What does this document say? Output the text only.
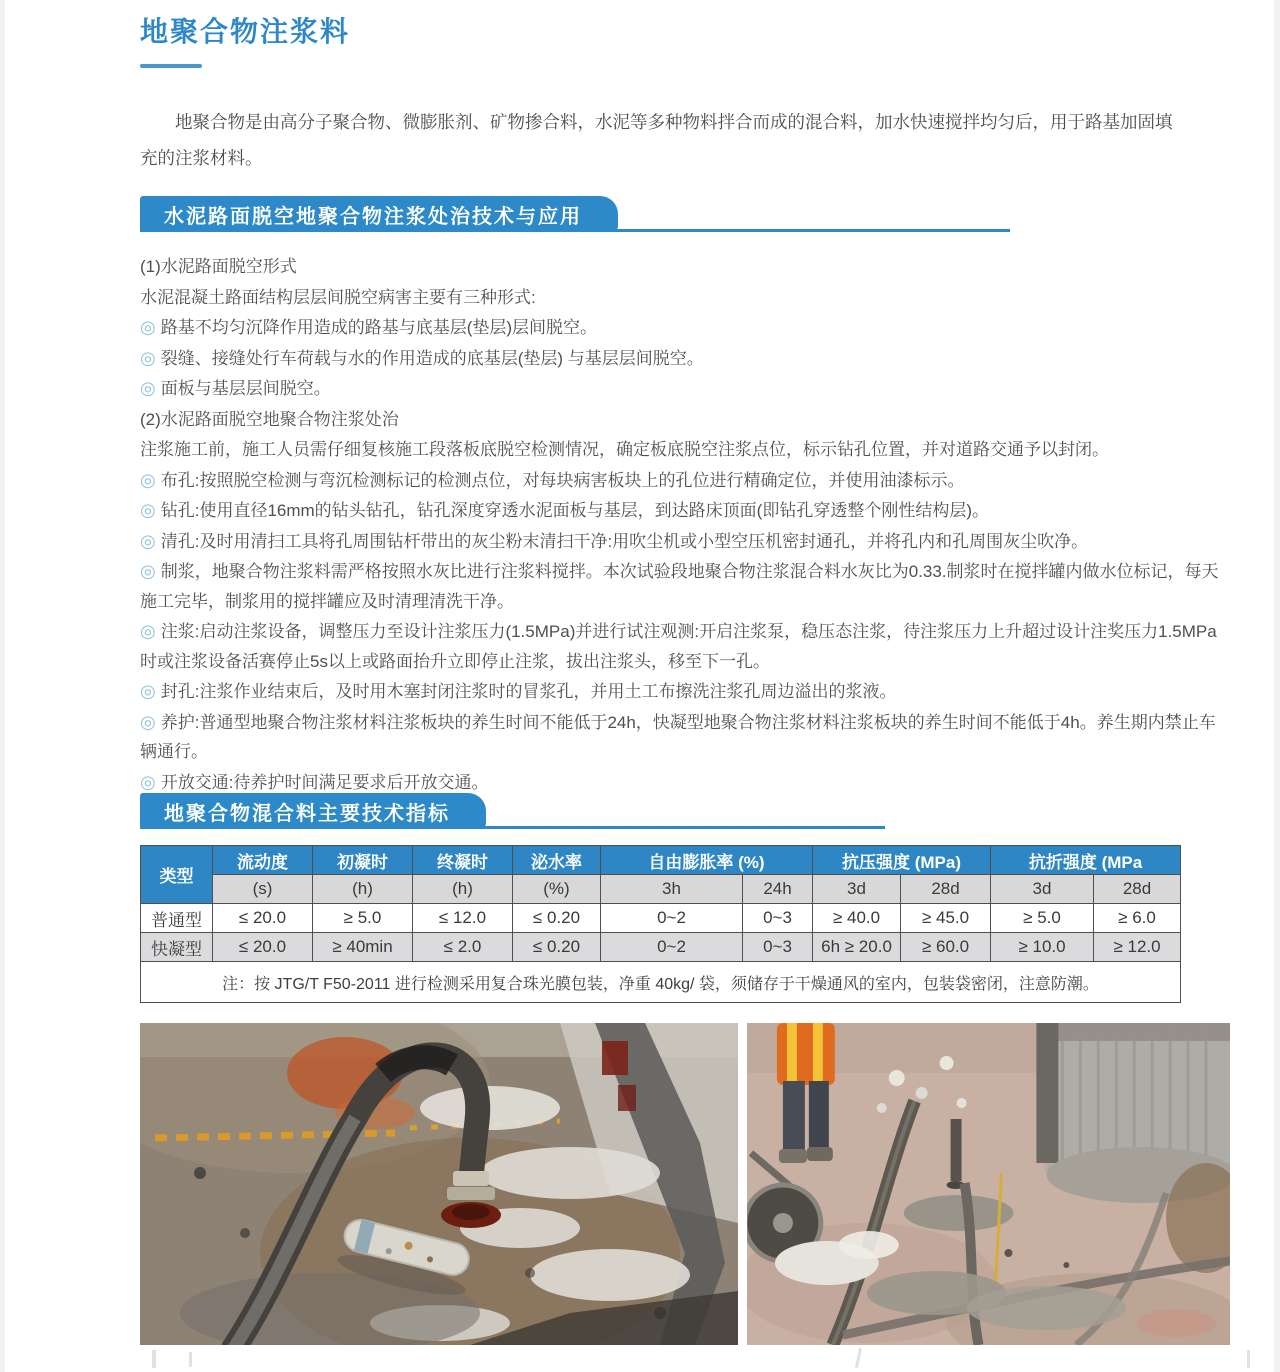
地聚合物注浆料
地聚合物是由高分子聚合物、微膨胀剂、矿物掺合料，水泥等多种物料拌合而成的混合料，加水快速搅拌均匀后，用于路基加固填充的注浆材料。
水泥路面脱空地聚合物注浆处治技术与应用

(1)水泥路面脱空形式

水泥混凝土路面结构层层间脱空病害主要有三种形式:

◎ 路基不均匀沉降作用造成的路基与底基层(垫层)层间脱空。

◎ 裂缝、接缝处行车荷载与水的作用造成的底基层(垫层) 与基层层间脱空。

◎ 面板与基层层间脱空。

(2)水泥路面脱空地聚合物注浆处治

注浆施工前，施工人员需仔细复核施工段落板底脱空检测情况，确定板底脱空注浆点位，标示钻孔位置，并对道路交通予以封闭。

◎ 布孔:按照脱空检测与弯沉检测标记的检测点位，对每块病害板块上的孔位进行精确定位，并使用油漆标示。

◎ 钻孔:使用直径16mm的钻头钻孔，钻孔深度穿透水泥面板与基层，到达路床顶面(即钻孔穿透整个刚性结构层)。

◎ 清孔:及时用清扫工具将孔周围钻杆带出的灰尘粉末清扫干净:用吹尘机或小型空压机密封通孔，并将孔内和孔周围灰尘吹净。

◎ 制浆，地聚合物注浆料需严格按照水灰比进行注浆料搅拌。本次试验段地聚合物注浆混合料水灰比为0.33.制浆时在搅拌罐内做水位标记，每天施工完毕，制浆用的搅拌罐应及时清理清洗干净。

◎ 注浆:启动注浆设备，调整压力至设计注浆压力(1.5MPa)并进行试注观测:开启注浆泵，稳压态注浆，待注浆压力上升超过设计注奖压力1.5MPa时或注浆设备活赛停止5s以上或路面抬升立即停止注浆，拔出注浆头，移至下一孔。

◎ 封孔:注浆作业结束后，及时用木塞封闭注浆时的冒浆孔，并用土工布擦洗注浆孔周边溢出的浆液。

◎ 养护:普通型地聚合物注浆材料注浆板块的养生时间不能低于24h，快凝型地聚合物注浆材料注浆板块的养生时间不能低于4h。养生期内禁止车辆通行。

◎ 开放交通:待养护时间满足要求后开放交通。

地聚合物混合料主要技术指标
类型	流动度	初凝时	终凝时	泌水率	自由膨胀率 (%)		抗压强度 (MPa)		抗折强度 (MPa	
	(s)	(h)	(h)	(%)	3h	24h	3d	28d	3d	28d
普通型	≤ 20.0	≥ 5.0	≤ 12.0	≤ 0.20	0~2	0~3	≥ 40.0	≥ 45.0	≥ 5.0	≥ 6.0
快凝型	≤ 20.0	≥ 40min	≤ 2.0	≤ 0.20	0~2	0~3	6h ≥ 20.0	≥ 60.0	≥ 10.0	≥ 12.0
注：按 JTG/T F50-2011 进行检测采用复合珠光膜包装，净重 40kg/ 袋，须储存于干燥通风的室内，包装袋密闭，注意防潮。										
